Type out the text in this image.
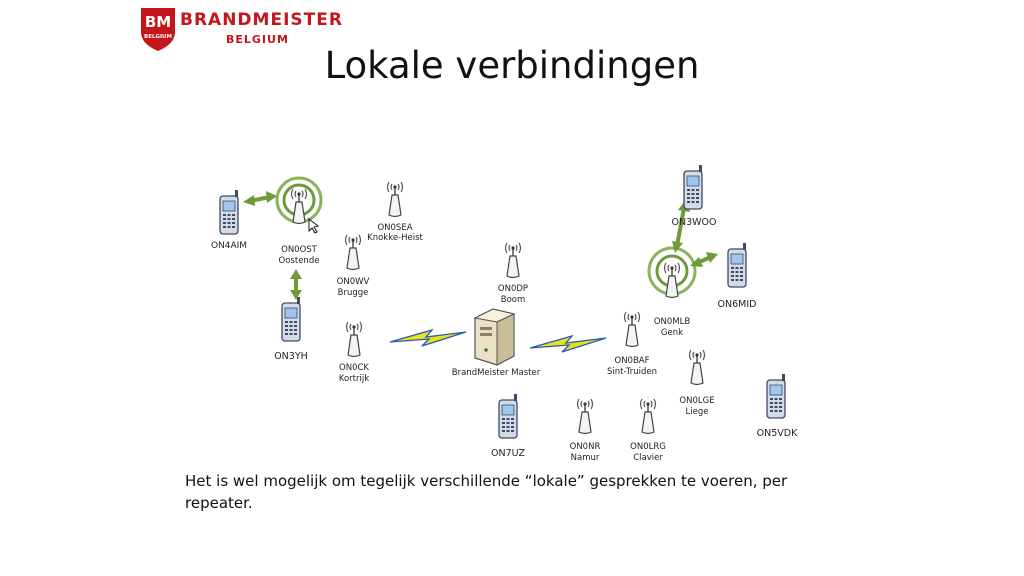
BM
BELGIUM
BRANDMEISTER
BELGIUM
Lokale verbindingen
BrandMeister Master
ON0OST
Oostende
ON0SEA
Knokke-Heist
ON0WV
Brugge
ON0CK
Kortrijk
ON0DP
Boom
ON0NR
Namur
ON0LRG
Clavier
ON0BAF
Sint-Truiden
ON0MLB
Genk
ON0LGE
Liege
ON4AIM
ON3YH
ON7UZ
ON3WOO
ON6MID
ON5VDK
Het is wel mogelijk om tegelijk verschillende “lokale” gesprekken te voeren, per repeater.
